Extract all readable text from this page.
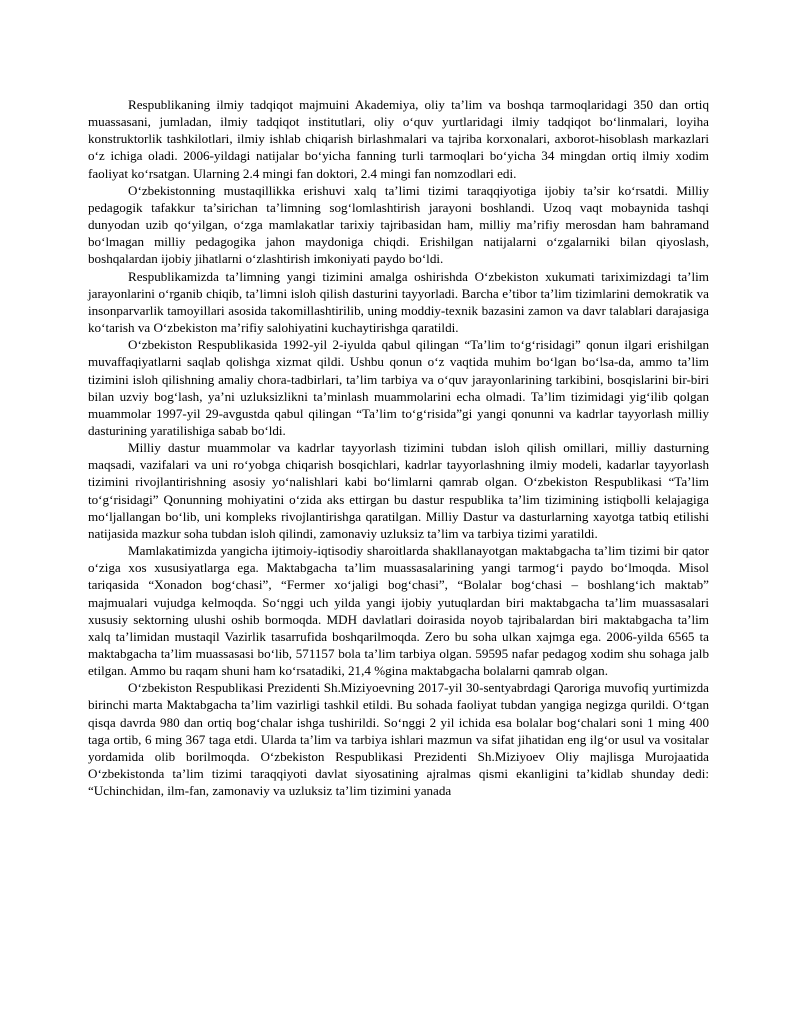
Respublikaning ilmiy tadqiqot majmuini Akademiya, oliy ta’lim va boshqa tarmoqlaridagi 350 dan ortiq muassasani, jumladan, ilmiy tadqiqot institutlari, oliy o‘quv yurtlaridagi ilmiy tadqiqot bo‘linmalari, loyiha konstruktorlik tashkilotlari, ilmiy ishlab chiqarish birlashmalari va tajriba korxonalari, axborot-hisoblash markazlari o‘z ichiga oladi. 2006-yildagi natijalar bo‘yicha fanning turli tarmoqlari bo‘yicha 34 mingdan ortiq ilmiy xodim faoliyat ko‘rsatgan. Ularning 2.4 mingi fan doktori, 2.4 mingi fan nomzodlari edi.

O‘zbekistonning mustaqillikka erishuvi xalq ta’limi tizimi taraqqiyotiga ijobiy ta’sir ko‘rsatdi. Milliy pedagogik tafakkur ta’sirichan ta’limning sog‘lomlashtirish jarayoni boshlandi. Uzoq vaqt mobaynida tashqi dunyodan uzib qo‘yilgan, o‘zga mamlakatlar tarixiy tajribasidan ham, milliy ma’rifiy merosdan ham bahramand bo‘lmagan milliy pedagogika jahon maydoniga chiqdi. Erishilgan natijalarni o‘zgalarniki bilan qiyoslash, boshqalardan ijobiy jihatlarni o‘zlashtirish imkoniyati paydo bo‘ldi.

Respublikamizda ta’limning yangi tizimini amalga oshirishda O‘zbekiston xukumati tariximizdagi ta’lim jarayonlarini o‘rganib chiqib, ta’limni isloh qilish dasturini tayyorladi. Barcha e’tibor ta’lim tizimlarini demokratik va insonparvarlik tamoyillari asosida takomillashtirilib, uning moddiy-texnik bazasini zamon va davr talablari darajasiga ko‘tarish va O‘zbekiston ma’rifiy salohiyatini kuchaytirishga qaratildi.

O‘zbekiston Respublikasida 1992-yil 2-iyulda qabul qilingan “Ta’lim to‘g‘risidagi” qonun ilgari erishilgan muvaffaqiyatlarni saqlab qolishga xizmat qildi. Ushbu qonun o‘z vaqtida muhim bo‘lgan bo‘lsa-da, ammo ta’lim tizimini isloh qilishning amaliy chora-tadbirlari, ta’lim tarbiya va o‘quv jarayonlarining tarkibini, bosqislarini bir-biri bilan uzviy bog‘lash, ya’ni uzluksizlikni ta’minlash muammolarini echa olmadi. Ta’lim tizimidagi yig‘ilib qolgan muammolar 1997-yil 29-avgustda qabul qilingan “Ta’lim to‘g‘risida”gi yangi qonunni va kadrlar tayyorlash milliy dasturining yaratilishiga sabab bo‘ldi.

Milliy dastur muammolar va kadrlar tayyorlash tizimini tubdan isloh qilish omillari, milliy dasturning maqsadi, vazifalari va uni ro‘yobga chiqarish bosqichlari, kadrlar tayyorlashning ilmiy modeli, kadarlar tayyorlash tizimini rivojlantirishning asosiy yo‘nalishlari kabi bo‘limlarni qamrab olgan. O‘zbekiston Respublikasi “Ta’lim to‘g‘risidagi” Qonunning mohiyatini o‘zida aks ettirgan bu dastur respublika ta’lim tizimining istiqbolli kelajagiga mo‘ljallangan bo‘lib, uni kompleks rivojlantirishga qaratilgan. Milliy Dastur va dasturlarning xayotga tatbiq etilishi natijasida mazkur soha tubdan isloh qilindi, zamonaviy uzluksiz ta’lim va tarbiya tizimi yaratildi.

Mamlakatimizda yangicha ijtimoiy-iqtisodiy sharoitlarda shakllanayotgan maktabgacha ta’lim tizimi bir qator o‘ziga xos xususiyatlarga ega. Maktabgacha ta’lim muassasalarining yangi tarmog‘i paydo bo‘lmoqda. Misol tariqasida “Xonadon bog‘chasi”, “Fermer xo‘jaligi bog‘chasi”, “Bolalar bog‘chasi – boshlang‘ich maktab” majmualari vujudga kelmoqda. So‘nggi uch yilda yangi ijobiy yutuqlardan biri maktabgacha ta’lim muassasalari xususiy sektorning ulushi oshib bormoqda. MDH davlatlari doirasida noyob tajribalardan biri maktabgacha ta’lim xalq ta’limidan mustaqil Vazirlik tasarrufida boshqarilmoqda. Zero bu soha ulkan xajmga ega. 2006-yilda 6565 ta maktabgacha ta’lim muassasasi bo‘lib, 571157 bola ta’lim tarbiya olgan. 59595 nafar pedagog xodim shu sohaga jalb etilgan. Ammo bu raqam shuni ham ko‘rsatadiki, 21,4 %gina maktabgacha bolalarni qamrab olgan.

O‘zbekiston Respublikasi Prezidenti Sh.Miziyoevning 2017-yil 30-sentyabrdagi Qaroriga muvofiq yurtimizda birinchi marta Maktabgacha ta’lim vazirligi tashkil etildi. Bu sohada faoliyat tubdan yangiga negizga qurildi. O‘tgan qisqa davrda 980 dan ortiq bog‘chalar ishga tushirildi. So‘nggi 2 yil ichida esa bolalar bog‘chalari soni 1 ming 400 taga ortib, 6 ming 367 taga etdi. Ularda ta’lim va tarbiya ishlari mazmun va sifat jihatidan eng ilg‘or usul va vositalar yordamida olib borilmoqda. O‘zbekiston Respublikasi Prezidenti Sh.Miziyoev Oliy majlisga Murojaatida O‘zbekistonda ta’lim tizimi taraqqiyoti davlat siyosatining ajralmas qismi ekanligini ta’kidlab shunday dedi: “Uchinchidan, ilm-fan, zamonaviy va uzluksiz ta’lim tizimini yanada
